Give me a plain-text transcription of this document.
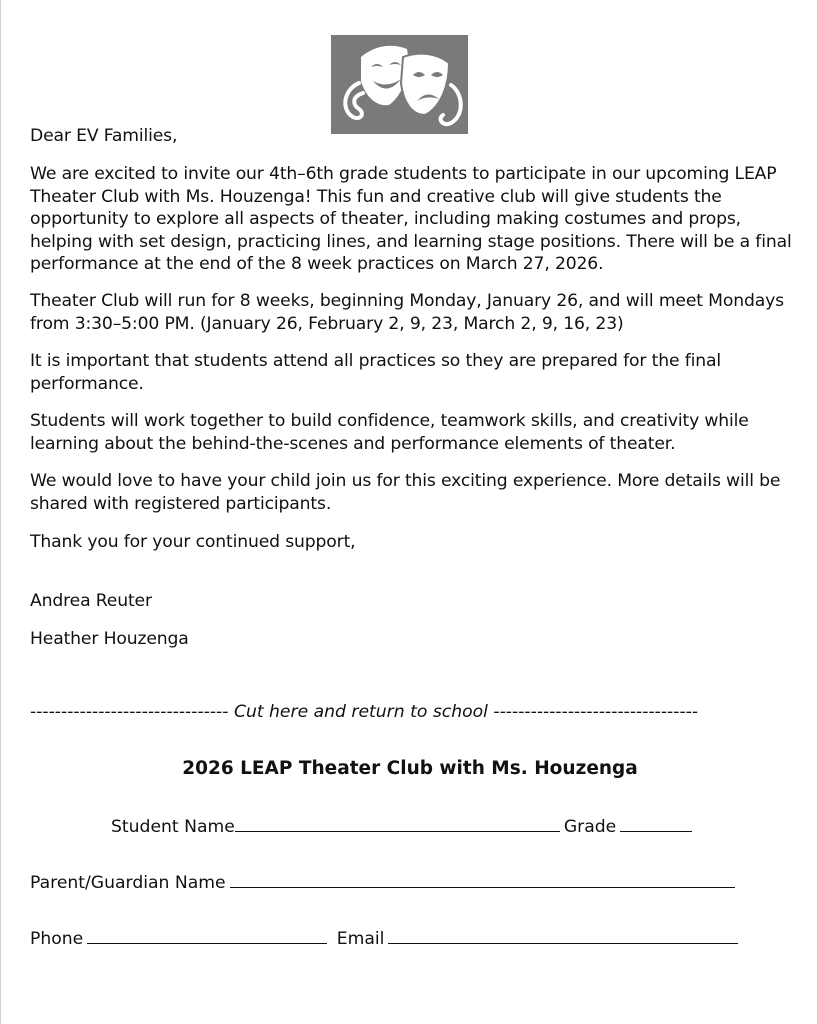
Dear EV Families,

We are excited to invite our 4th–6th grade students to participate in our upcoming LEAP Theater Club with Ms. Houzenga! This fun and creative club will give students the opportunity to explore all aspects of theater, including making costumes and props, helping with set design, practicing lines, and learning stage positions. There will be a final performance at the end of the 8 week practices on March 27, 2026.

Theater Club will run for 8 weeks, beginning Monday, January 26, and will meet Mondays from 3:30–5:00 PM. (January 26, February 2, 9, 23, March 2, 9, 16, 23)

It is important that students attend all practices so they are prepared for the final performance.

Students will work together to build confidence, teamwork skills, and creativity while learning about the behind-the-scenes and performance elements of theater.

We would love to have your child join us for this exciting experience. More details will be shared with registered participants.

Thank you for your continued support,

Andrea Reuter

Heather Houzenga

-------------------------------- Cut here and return to school ---------------------------------
2026 LEAP Theater Club with Ms. Houzenga
Student Name	Grade
Parent/Guardian Name
Phone	Email
